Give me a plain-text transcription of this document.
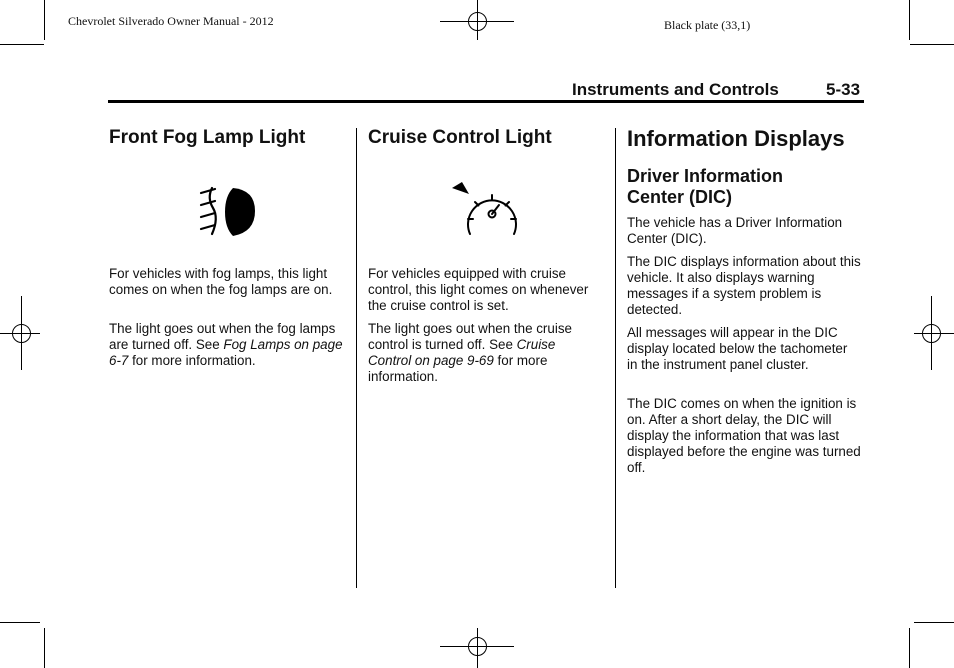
Chevrolet Silverado Owner Manual - 2012	Black plate (33,1)
Instruments and Controls	5-33
Front Fog Lamp Light

For vehicles with fog lamps, this light comes on when the fog lamps are on.

The light goes out when the fog lamps are turned off. See Fog Lamps on page 6-7 for more information.

Cruise Control Light

For vehicles equipped with cruise control, this light comes on whenever the cruise control is set.

The light goes out when the cruise control is turned off. See Cruise Control on page 9-69 for more information.

Information Displays
Driver Information Center (DIC)

The vehicle has a Driver Information Center (DIC).

The DIC displays information about this vehicle. It also displays warning messages if a system problem is detected.

All messages will appear in the DIC display located below the tachometer in the instrument panel cluster.

The DIC comes on when the ignition is on. After a short delay, the DIC will display the information that was last displayed before the engine was turned off.
